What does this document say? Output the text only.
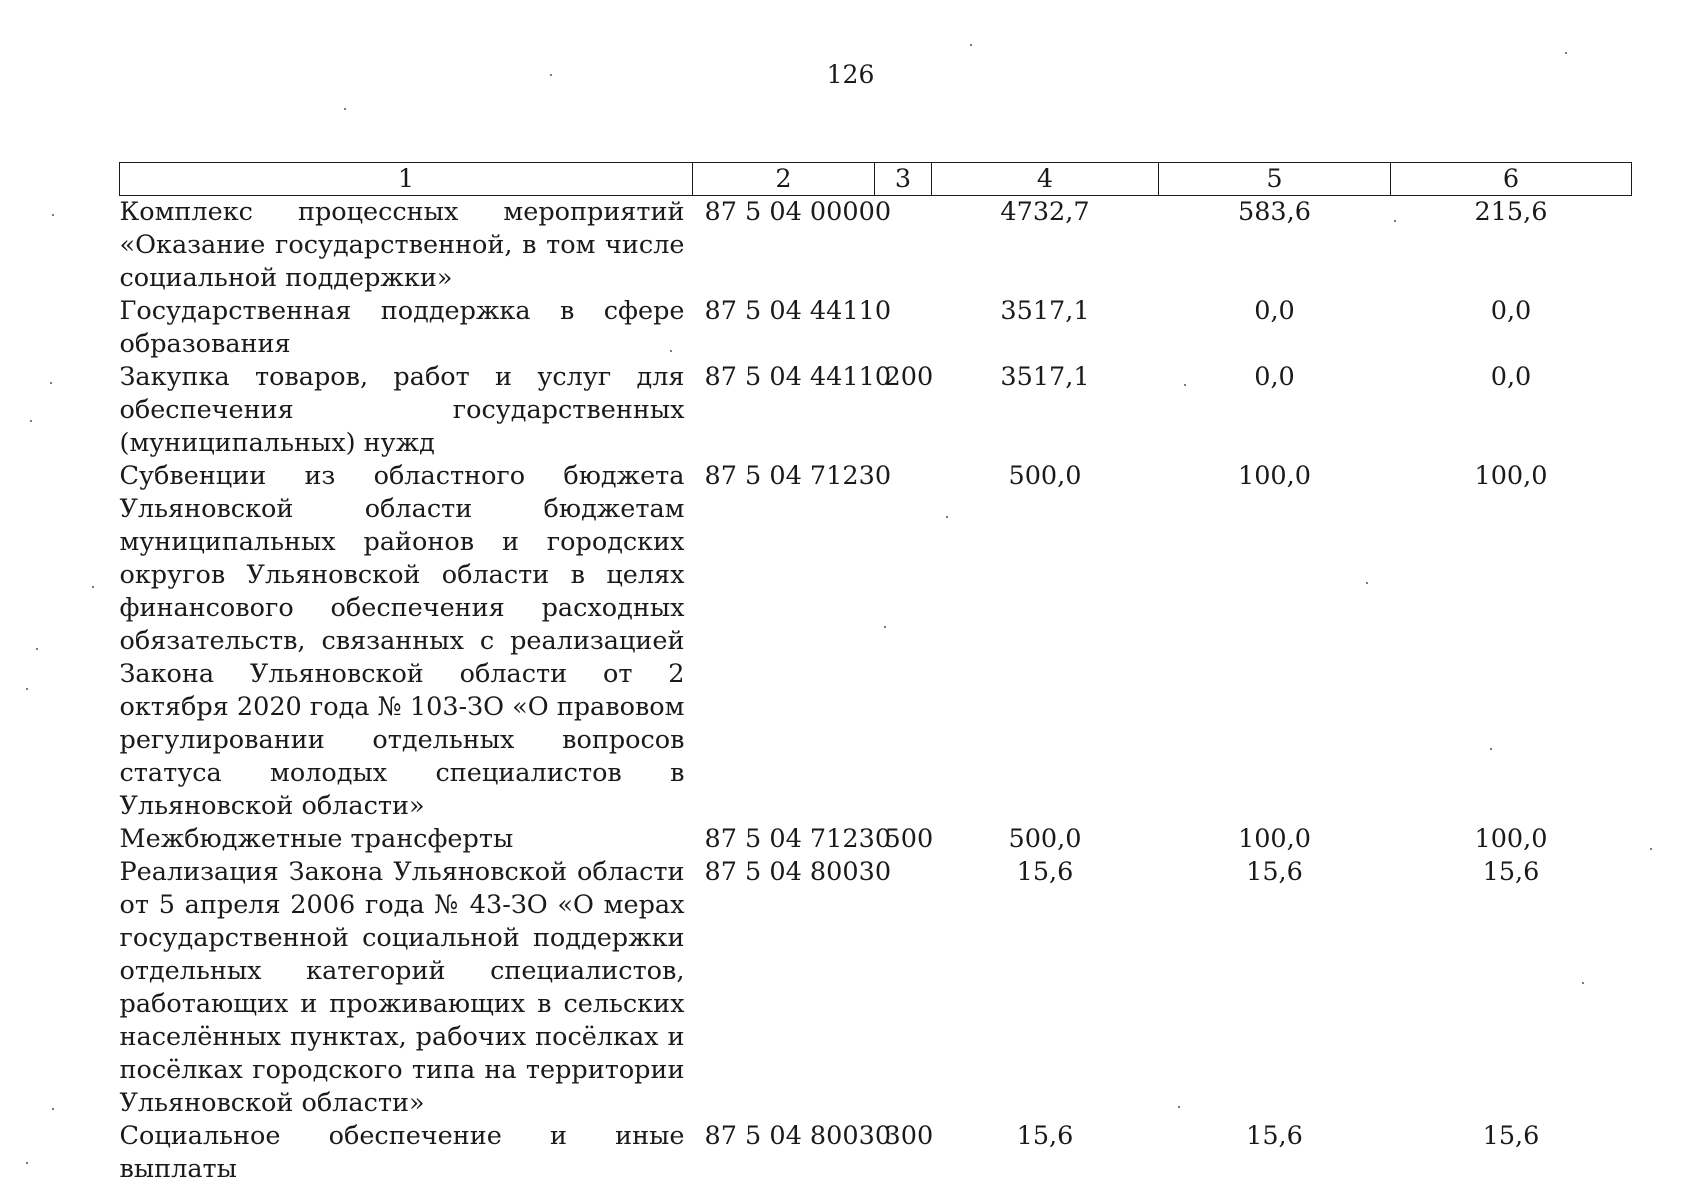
126
1	2	3	4	5	6
Комплекс процессных мероприятий «Оказание государственной, в том числе социальной поддержки»	87 5 04 00000		4732,7	583,6	215,6
Государственная поддержка в сфере образования	87 5 04 44110		3517,1	0,0	0,0
Закупка товаров, работ и услуг для обеспечения государственных (муниципальных) нужд	87 5 04 44110	200	3517,1	0,0	0,0
Субвенции из областного бюджета Ульяновской области бюджетам муниципальных районов и городских округов Ульяновской области в целях финансового обеспечения расходных обязательств, связанных с реализацией Закона Ульяновской области от 2 октября 2020 года № 103-ЗО «О правовом регулировании отдельных вопросов статуса молодых специалистов в Ульяновской области»	87 5 04 71230		500,0	100,0	100,0
Межбюджетные трансферты	87 5 04 71230	500	500,0	100,0	100,0
Реализация Закона Ульяновской области от 5 апреля 2006 года № 43-ЗО «О мерах государственной социальной поддержки отдельных категорий специалистов, работающих и проживающих в сельских населённых пунктах, рабочих посёлках и посёлках городского типа на территории Ульяновской области»	87 5 04 80030		15,6	15,6	15,6
Социальное обеспечение и иные выплаты	87 5 04 80030	300	15,6	15,6	15,6
